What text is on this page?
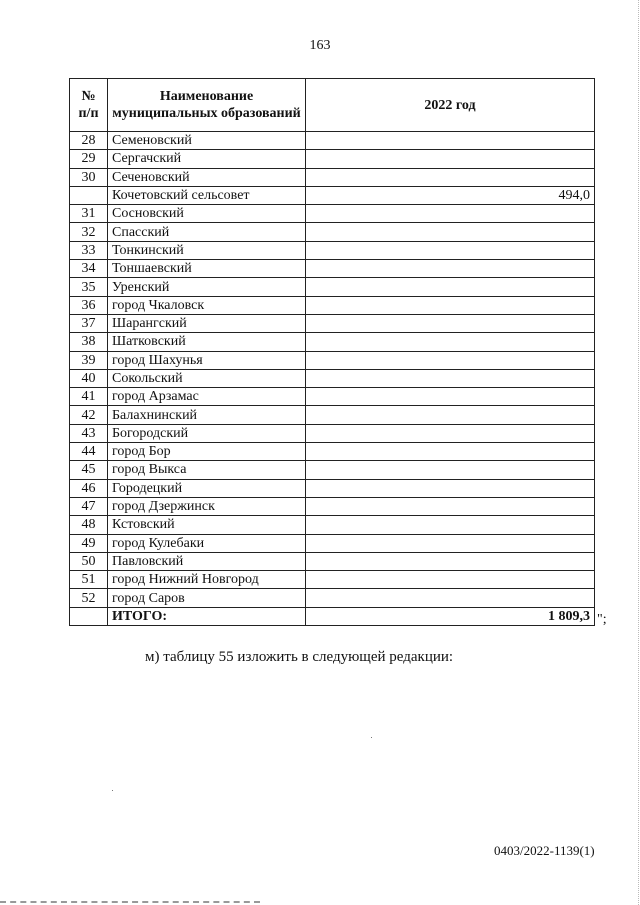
163
№ п/п	Наименование муниципальных образований	2022 год
28	Семеновский	
29	Сергачский	
30	Сеченовский	
	Кочетовский сельсовет	494,0
31	Сосновский	
32	Спасский	
33	Тонкинский	
34	Тоншаевский	
35	Уренский	
36	город Чкаловск	
37	Шарангский	
38	Шатковский	
39	город Шахунья	
40	Сокольский	
41	город Арзамас	
42	Балахнинский	
43	Богородский	
44	город Бор	
45	город Выкса	
46	Городецкий	
47	город Дзержинск	
48	Кстовский	
49	город Кулебаки	
50	Павловский	
51	город Нижний Новгород	
52	город Саров	
	ИТОГО:	1 809,3 ";
м) таблицу 55 изложить в следующей редакции:
0403/2022-1139(1)
